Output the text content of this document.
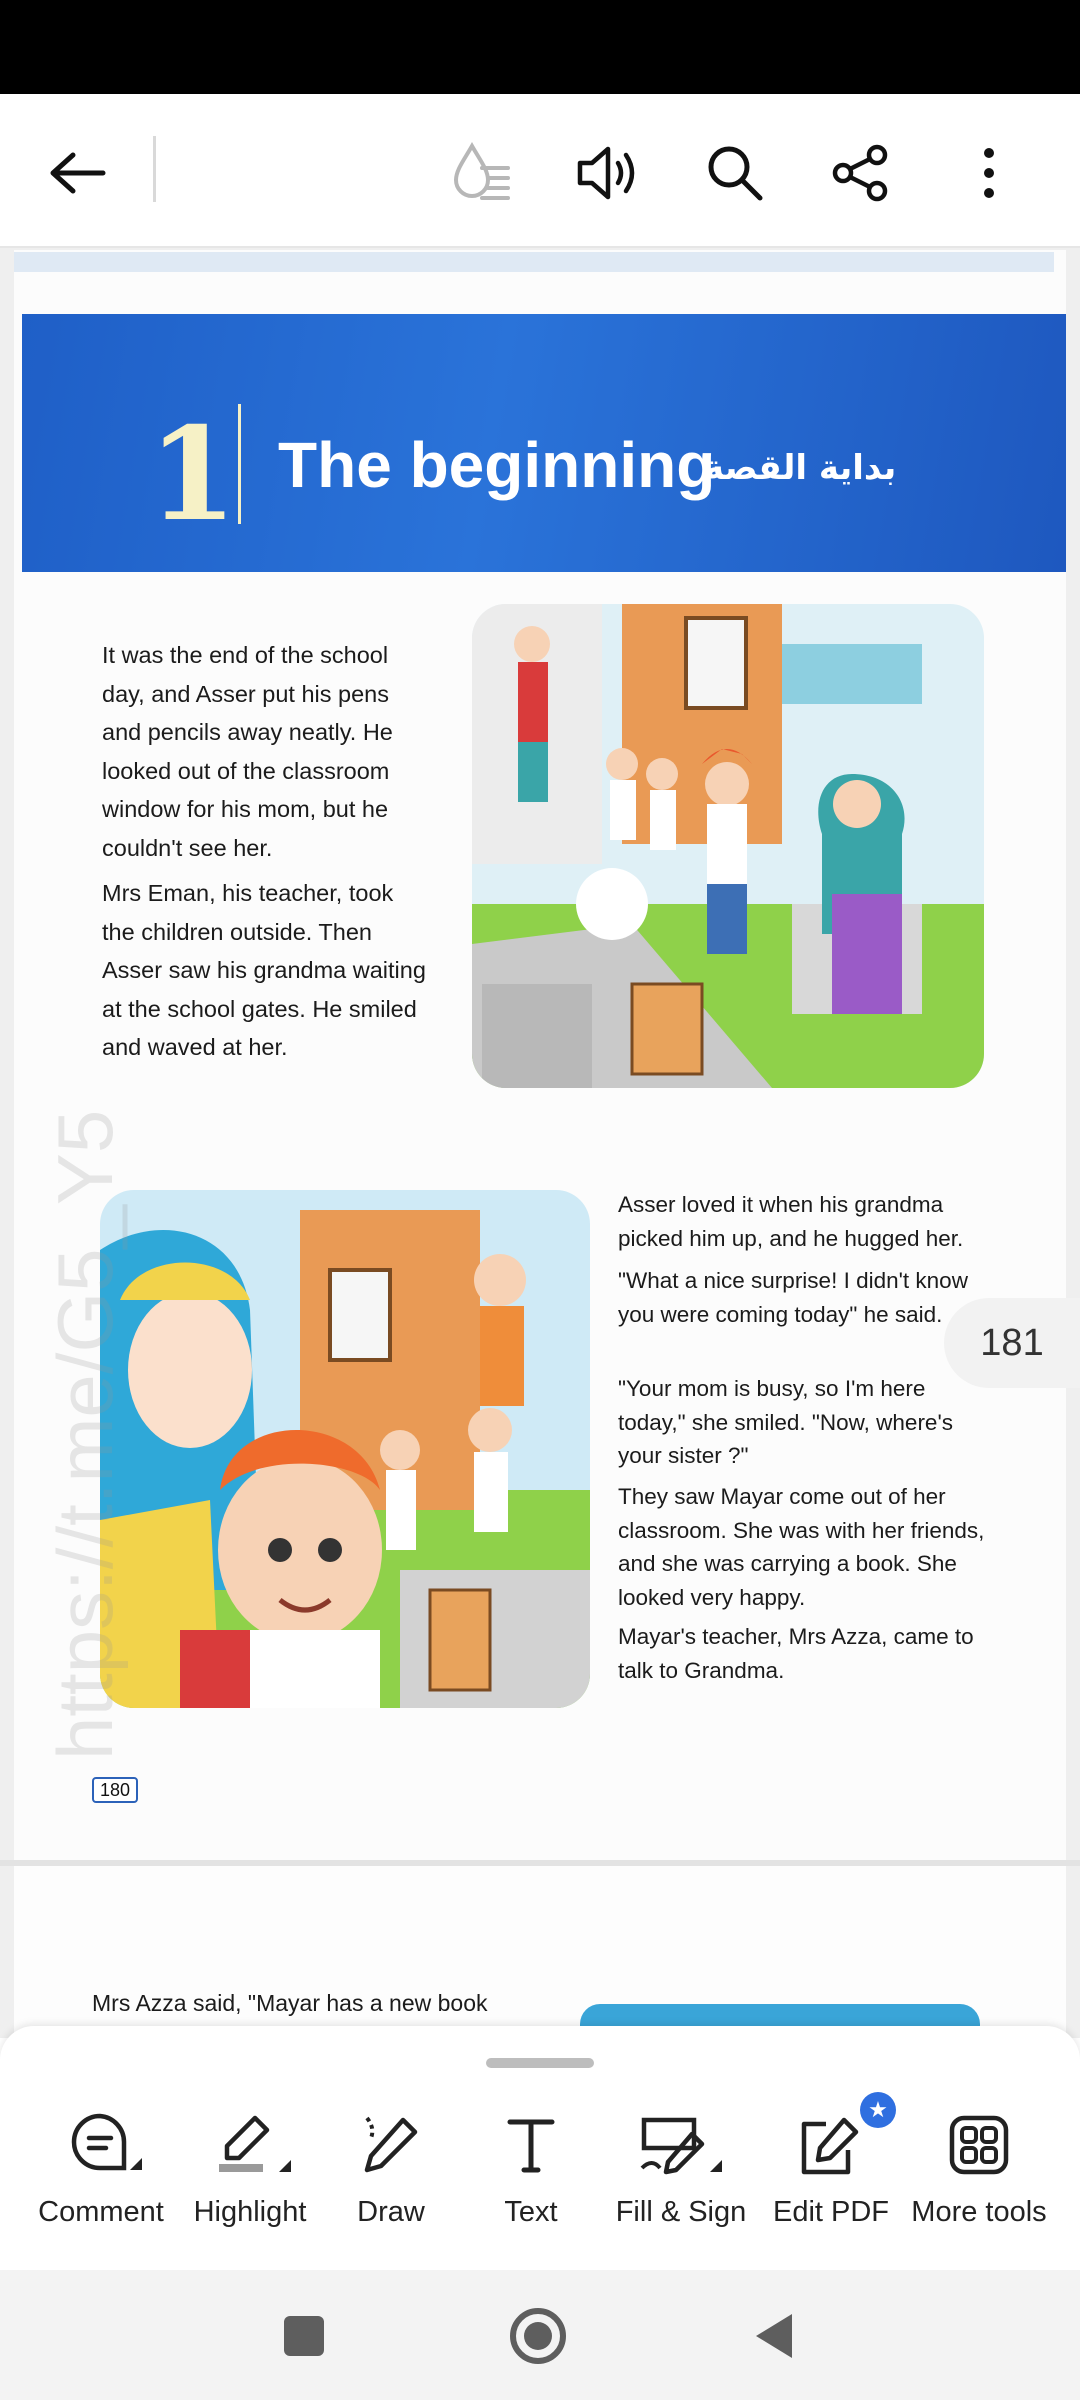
1 The beginning
بداية القصة
It was the end of the school day, and Asser put his pens and pencils away neatly. He looked out of the classroom window for his mom, but he couldn't see her.
Mrs Eman, his teacher, took the children outside. Then Asser saw his grandma waiting at the school gates. He smiled and waved at her.
Asser loved it when his grandma picked him up, and he hugged her.
"What a nice surprise! I didn't know you were coming today" he said.
"Your mom is busy, so I'm here today," she smiled. "Now, where's your sister ?"
They saw Mayar come out of her classroom. She was with her friends, and she was carrying a book. She looked very happy.
Mayar's teacher, Mrs Azza, came to talk to Grandma.
180
https://t.me/G5_Y5	181
Mrs Azza said, "Mayar has a new book
Comment	Highlight	Draw	Text	Fill & Sign Edit PDF
★
More tools
